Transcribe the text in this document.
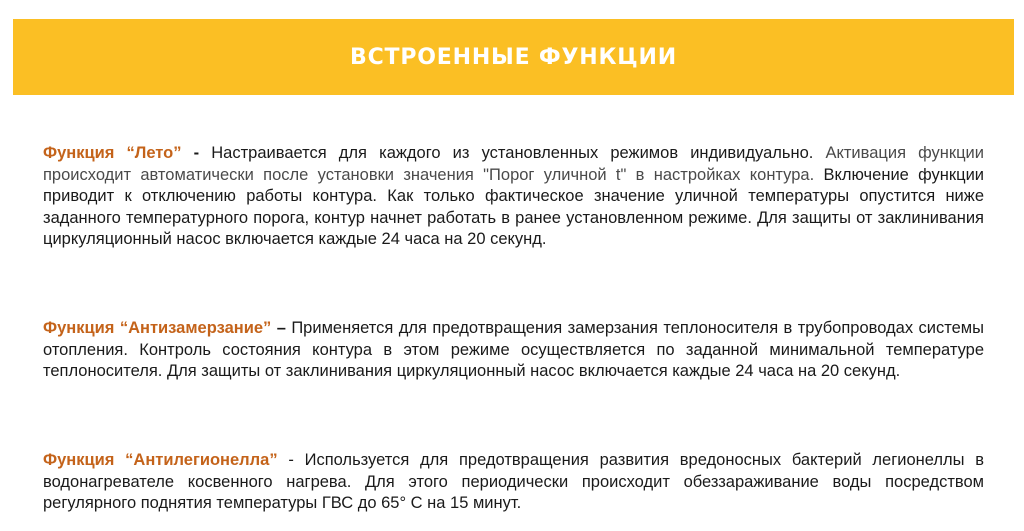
ВСТРОЕННЫЕ ФУНКЦИИ

Функция “Лето” - Настраивается для каждого из установленных режимов индивидуально. Активация функции происходит автоматически после установки значения "Порог уличной t" в настройках контура. Включение функции приводит к отключению работы контура. Как только фактическое значение уличной температуры опустится ниже заданного температурного порога, контур начнет работать в ранее установленном режиме. Для защиты от заклинивания циркуляционный насос включается каждые 24 часа на 20 секунд.

Функция “Антизамерзание” – Применяется для предотвращения замерзания теплоносителя в трубопроводах системы отопления. Контроль состояния контура в этом режиме осуществляется по заданной минимальной температуре теплоносителя. Для защиты от заклинивания циркуляционный насос включается каждые 24 часа на 20 секунд.

Функция “Антилегионелла” - Используется для предотвращения развития вредоносных бактерий легионеллы в водонагревателе косвенного нагрева. Для этого периодически происходит обеззараживание воды посредством регулярного поднятия температуры ГВС до 65° С на 15 минут.
